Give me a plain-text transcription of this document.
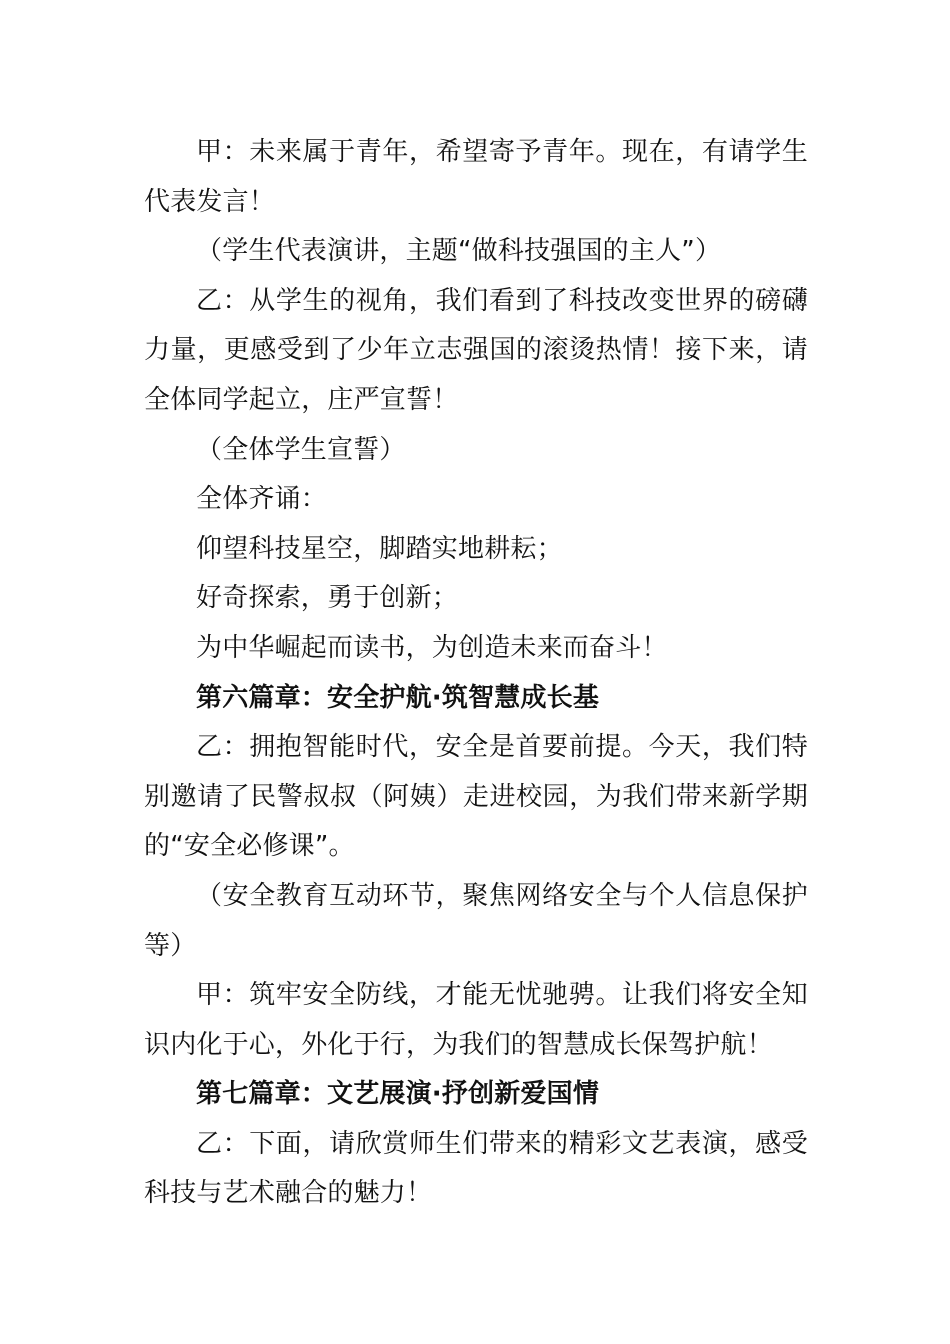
甲：未来属于青年，希望寄予青年。现在，有请学生代表发言！

（学生代表演讲，主题“做科技强国的主人”）

乙：从学生的视角，我们看到了科技改变世界的磅礴力量，更感受到了少年立志强国的滚烫热情！接下来，请全体同学起立，庄严宣誓！

（全体学生宣誓）

全体齐诵：

仰望科技星空，脚踏实地耕耘；

好奇探索，勇于创新；

为中华崛起而读书，为创造未来而奋斗！

第六篇章：安全护航·筑智慧成长基

乙：拥抱智能时代，安全是首要前提。今天，我们特别邀请了民警叔叔（阿姨）走进校园，为我们带来新学期的“安全必修课”。

（安全教育互动环节，聚焦网络安全与个人信息保护等）

甲：筑牢安全防线，才能无忧驰骋。让我们将安全知识内化于心，外化于行，为我们的智慧成长保驾护航！

第七篇章：文艺展演·抒创新爱国情

乙：下面，请欣赏师生们带来的精彩文艺表演，感受科技与艺术融合的魅力！
